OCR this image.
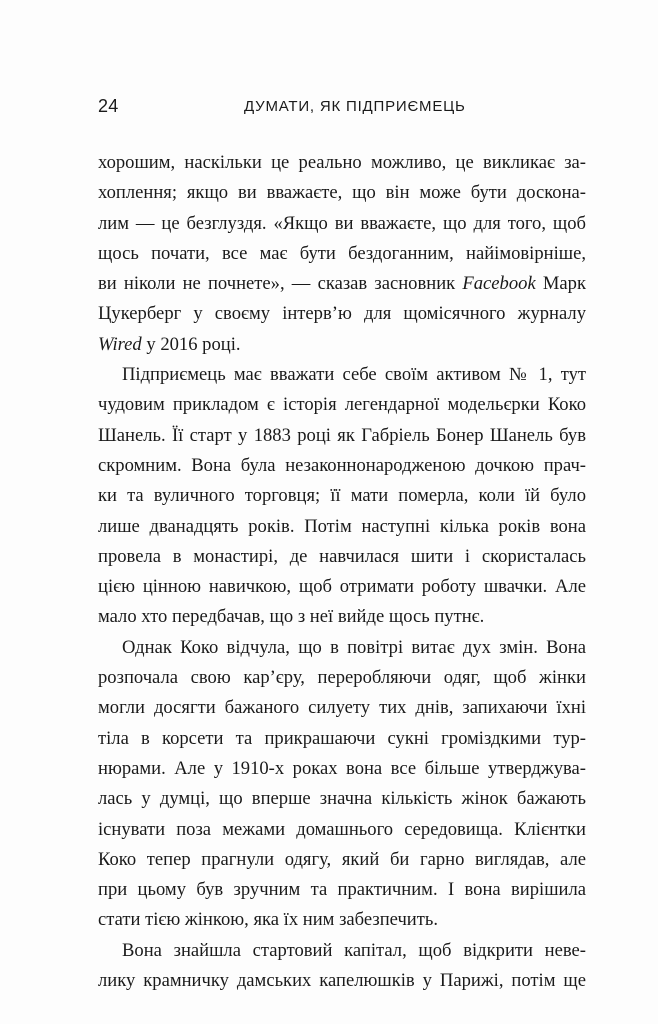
24	ДУМАТИ, ЯК ПІДПРИЄМЕЦЬ
хорошим, наскільки це реально можливо, це викликає за-
хоплення; якщо ви вважаєте, що він може бути доскона-
лим — це безглуздя. «Якщо ви вважаєте, що для того, щоб
щось почати, все має бути бездоганним, найімовірніше,
ви ніколи не почнете», — сказав засновник Facebook Марк
Цукерберг у своєму інтерв’ю для щомісячного журналу
Wired у 2016 році.
Підприємець має вважати себе своїм активом № 1, тут
чудовим прикладом є історія легендарної модельєрки Коко
Шанель. Її старт у 1883 році як Габріель Бонер Шанель був
скромним. Вона була незаконнонародженою дочкою прач-
ки та вуличного торговця; її мати померла, коли їй було
лише дванадцять років. Потім наступні кілька років вона
провела в монастирі, де навчилася шити і скористалась
цією цінною навичкою, щоб отримати роботу швачки. Але
мало хто передбачав, що з неї вийде щось путнє.
Однак Коко відчула, що в повітрі витає дух змін. Вона
розпочала свою кар’єру, переробляючи одяг, щоб жінки
могли досягти бажаного силуету тих днів, запихаючи їхні
тіла в корсети та прикрашаючи сукні громіздкими тур-
нюрами. Але у 1910-х роках вона все більше утверджува-
лась у думці, що вперше значна кількість жінок бажають
існувати поза межами домашнього середовища. Клієнтки
Коко тепер прагнули одягу, який би гарно виглядав, але
при цьому був зручним та практичним. І вона вирішила
стати тією жінкою, яка їх ним забезпечить.
Вона знайшла стартовий капітал, щоб відкрити неве-
лику крамничку дамських капелюшків у Парижі, потім ще
